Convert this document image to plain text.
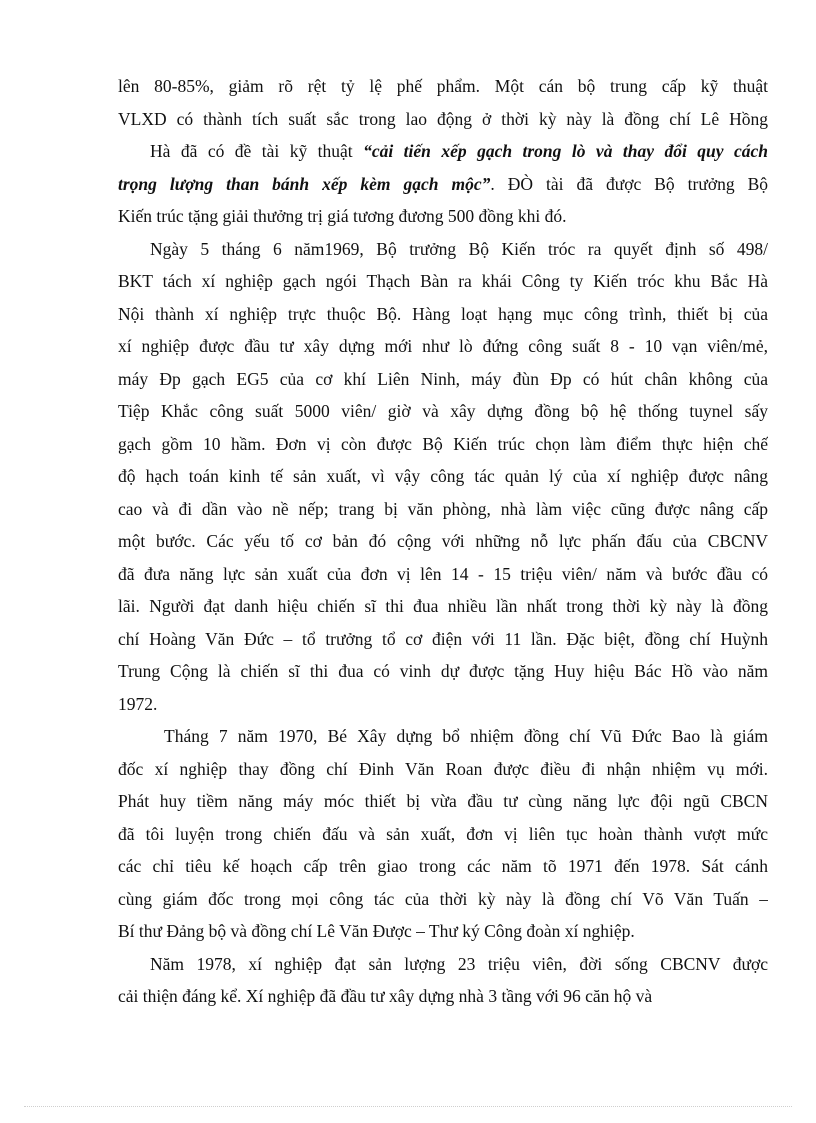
lên 80-85%, giảm rõ rệt tỷ lệ phế phẩm. Một cán bộ trung cấp kỹ thuật
VLXD có thành tích suất sắc trong lao động ở thời kỳ này là đồng chí Lê Hồng
Hà đã có đề tài kỹ thuật “cải tiến xếp gạch trong lò và thay đổi quy cách
trọng lượng than bánh xếp kèm gạch mộc”. ĐÒ tài đã được Bộ trưởng Bộ
Kiến trúc tặng giải thưởng trị giá tương đương 500 đồng khi đó.
Ngày 5 tháng 6 năm1969, Bộ trưởng Bộ Kiến tróc ra quyết định số 498/
BKT tách xí nghiệp gạch ngói Thạch Bàn ra khái Công ty Kiến tróc khu Bắc Hà
Nội thành xí nghiệp trực thuộc Bộ. Hàng loạt hạng mục công trình, thiết bị của
xí nghiệp được đầu tư xây dựng mới như lò đứng công suất 8 - 10 vạn viên/mẻ,
máy Đp gạch EG5 của cơ khí Liên Ninh, máy đùn Đp có hút chân không của
Tiệp Khắc công suất 5000 viên/ giờ và xây dựng đồng bộ hệ thống tuynel sấy
gạch gồm 10 hầm. Đơn vị còn được Bộ Kiến trúc chọn làm điểm thực hiện chế
độ hạch toán kinh tế sản xuất, vì vậy công tác quản lý của xí nghiệp được nâng
cao và đi dần vào nề nếp; trang bị văn phòng, nhà làm việc cũng được nâng cấp
một bước. Các yếu tố cơ bản đó cộng với những nỗ lực phấn đấu của CBCNV
đã đưa năng lực sản xuất của đơn vị lên 14 - 15 triệu viên/ năm và bước đầu có
lãi. Người đạt danh hiệu chiến sĩ thi đua nhiều lần nhất trong thời kỳ này là đồng
chí Hoàng Văn Đức – tổ trưởng tổ cơ điện với 11 lần. Đặc biệt, đồng chí Huỳnh
Trung Cộng là chiến sĩ thi đua có vinh dự được tặng Huy hiệu Bác Hồ vào năm
1972.
Tháng 7 năm 1970, Bé Xây dựng bổ nhiệm đồng chí Vũ Đức Bao là giám
đốc xí nghiệp thay đồng chí Đinh Văn Roan được điều đi nhận nhiệm vụ mới.
Phát huy tiềm năng máy móc thiết bị vừa đầu tư cùng năng lực đội ngũ CBCN
đã tôi luyện trong chiến đấu và sản xuất, đơn vị liên tục hoàn thành vượt mức
các chỉ tiêu kế hoạch cấp trên giao trong các năm tõ 1971 đến 1978. Sát cánh
cùng giám đốc trong mọi công tác của thời kỳ này là đồng chí Võ Văn Tuấn –
Bí thư Đảng bộ và đồng chí Lê Văn Được – Thư ký Công đoàn xí nghiệp.
Năm 1978, xí nghiệp đạt sản lượng 23 triệu viên, đời sống CBCNV được
cải thiện đáng kể. Xí nghiệp đã đầu tư xây dựng nhà 3 tầng với 96 căn hộ và
